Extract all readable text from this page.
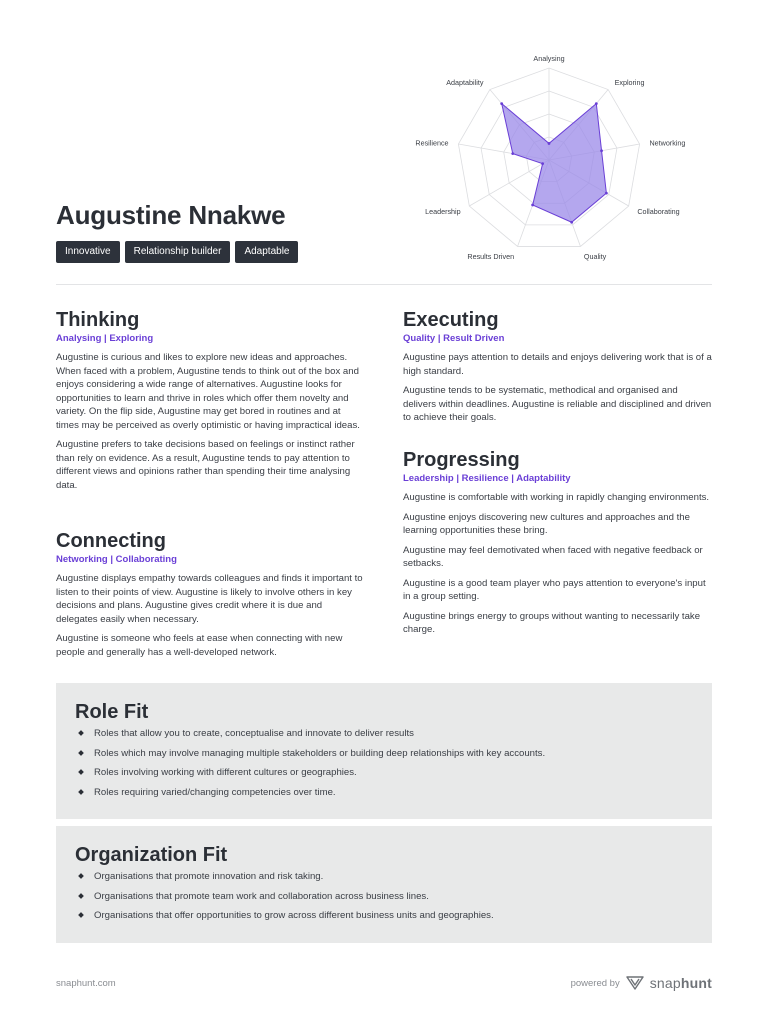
Analysing
Exploring
Networking
Collaborating
Quality
Results Driven
Leadership
Resilience
Adaptability
Augustine Nnakwe
Innovative	Relationship builder	Adaptable
Thinking
Analysing | Exploring

Augustine is curious and likes to explore new ideas and approaches. When faced with a problem, Augustine tends to think out of the box and enjoys considering a wide range of alternatives. Augustine looks for opportunities to learn and thrive in roles which offer them novelty and variety. On the flip side, Augustine may get bored in routines and at times may be perceived as overly optimistic or having impractical ideas.

Augustine prefers to take decisions based on feelings or instinct rather than rely on evidence. As a result, Augustine tends to pay attention to different views and opinions rather than spending their time analysing data.

Connecting
Networking | Collaborating

Augustine displays empathy towards colleagues and finds it important to listen to their points of view. Augustine is likely to involve others in key decisions and plans. Augustine gives credit where it is due and delegates easily when necessary.

Augustine is someone who feels at ease when connecting with new people and generally has a well-developed network.

Executing
Quality | Result Driven

Augustine pays attention to details and enjoys delivering work that is of a high standard.

Augustine tends to be systematic, methodical and organised and delivers within deadlines. Augustine is reliable and disciplined and driven to achieve their goals.

Progressing
Leadership | Resilience | Adaptability

Augustine is comfortable with working in rapidly changing environments.

Augustine enjoys discovering new cultures and approaches and the learning opportunities these bring.

Augustine may feel demotivated when faced with negative feedback or setbacks.

Augustine is a good team player who pays attention to everyone's input in a group setting.

Augustine brings energy to groups without wanting to necessarily take charge.

Role Fit
Roles that allow you to create, conceptualise and innovate to deliver results
Roles which may involve managing multiple stakeholders or building deep relationships with key accounts.
Roles involving working with different cultures or geographies.
Roles requiring varied/changing competencies over time.
Organization Fit
Organisations that promote innovation and risk taking.
Organisations that promote team work and collaboration across business lines.
Organisations that offer opportunities to grow across different business units and geographies.
snaphunt.com	powered by snaphunt
